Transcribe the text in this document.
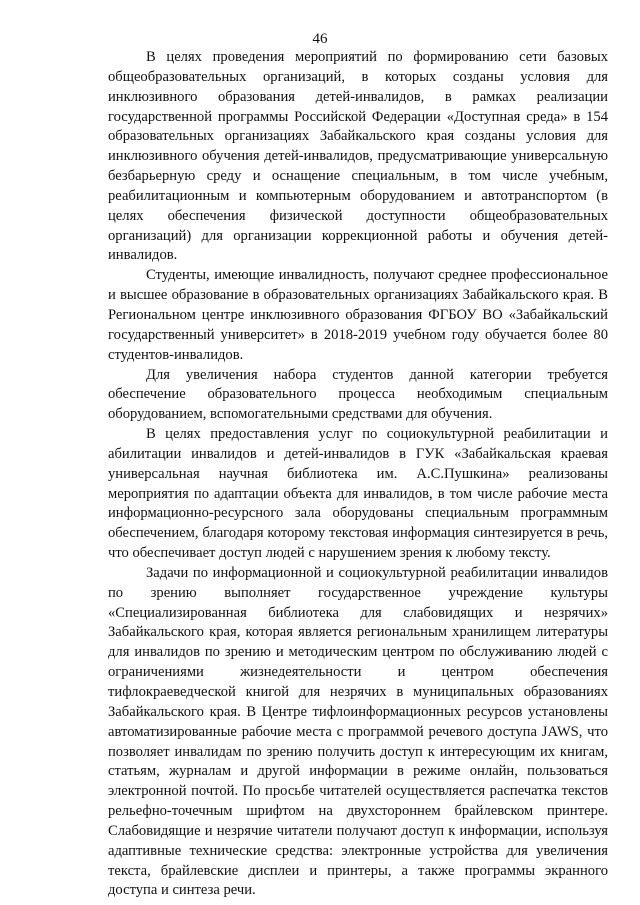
46

В целях проведения мероприятий по формированию сети базовых общеобразовательных организаций, в которых созданы условия для инклюзивного образования детей-инвалидов, в рамках реализации государственной программы Российской Федерации «Доступная среда» в 154 образовательных организациях Забайкальского края созданы условия для инклюзивного обучения детей-инвалидов, предусматривающие универсальную безбарьерную среду и оснащение специальным, в том числе учебным, реабилитационным и компьютерным оборудованием и автотранспортом (в целях обеспечения физической доступности общеобразовательных организаций) для организации коррекционной работы и обучения детей-инвалидов.

Студенты, имеющие инвалидность, получают среднее профессиональное и высшее образование в образовательных организациях Забайкальского края. В Региональном центре инклюзивного образования ФГБОУ ВО «Забайкальский государственный университет» в 2018-2019 учебном году обучается более 80 студентов-инвалидов.

Для увеличения набора студентов данной категории требуется обеспечение образовательного процесса необходимым специальным оборудованием, вспомогательными средствами для обучения.

В целях предоставления услуг по социокультурной реабилитации и абилитации инвалидов и детей-инвалидов в ГУК «Забайкальская краевая универсальная научная библиотека им. А.С.Пушкина» реализованы мероприятия по адаптации объекта для инвалидов, в том числе рабочие места информационно-ресурсного зала оборудованы специальным программным обеспечением, благодаря которому текстовая информация синтезируется в речь, что обеспечивает доступ людей с нарушением зрения к любому тексту.

Задачи по информационной и социокультурной реабилитации инвалидов по зрению выполняет государственное учреждение культуры «Специализированная библиотека для слабовидящих и незрячих» Забайкальского края, которая является региональным хранилищем литературы для инвалидов по зрению и методическим центром по обслуживанию людей с ограничениями жизнедеятельности и центром обеспечения тифлокраеведческой книгой для незрячих в муниципальных образованиях Забайкальского края. В Центре тифлоинформационных ресурсов установлены автоматизированные рабочие места с программой речевого доступа JAWS, что позволяет инвалидам по зрению получить доступ к интересующим их книгам, статьям, журналам и другой информации в режиме онлайн, пользоваться электронной почтой. По просьбе читателей осуществляется распечатка текстов рельефно-точечным шрифтом на двухстороннем брайлевском принтере. Слабовидящие и незрячие читатели получают доступ к информации, используя адаптивные технические средства: электронные устройства для увеличения текста, брайлевские дисплеи и принтеры, а также программы экранного доступа и синтеза речи.
